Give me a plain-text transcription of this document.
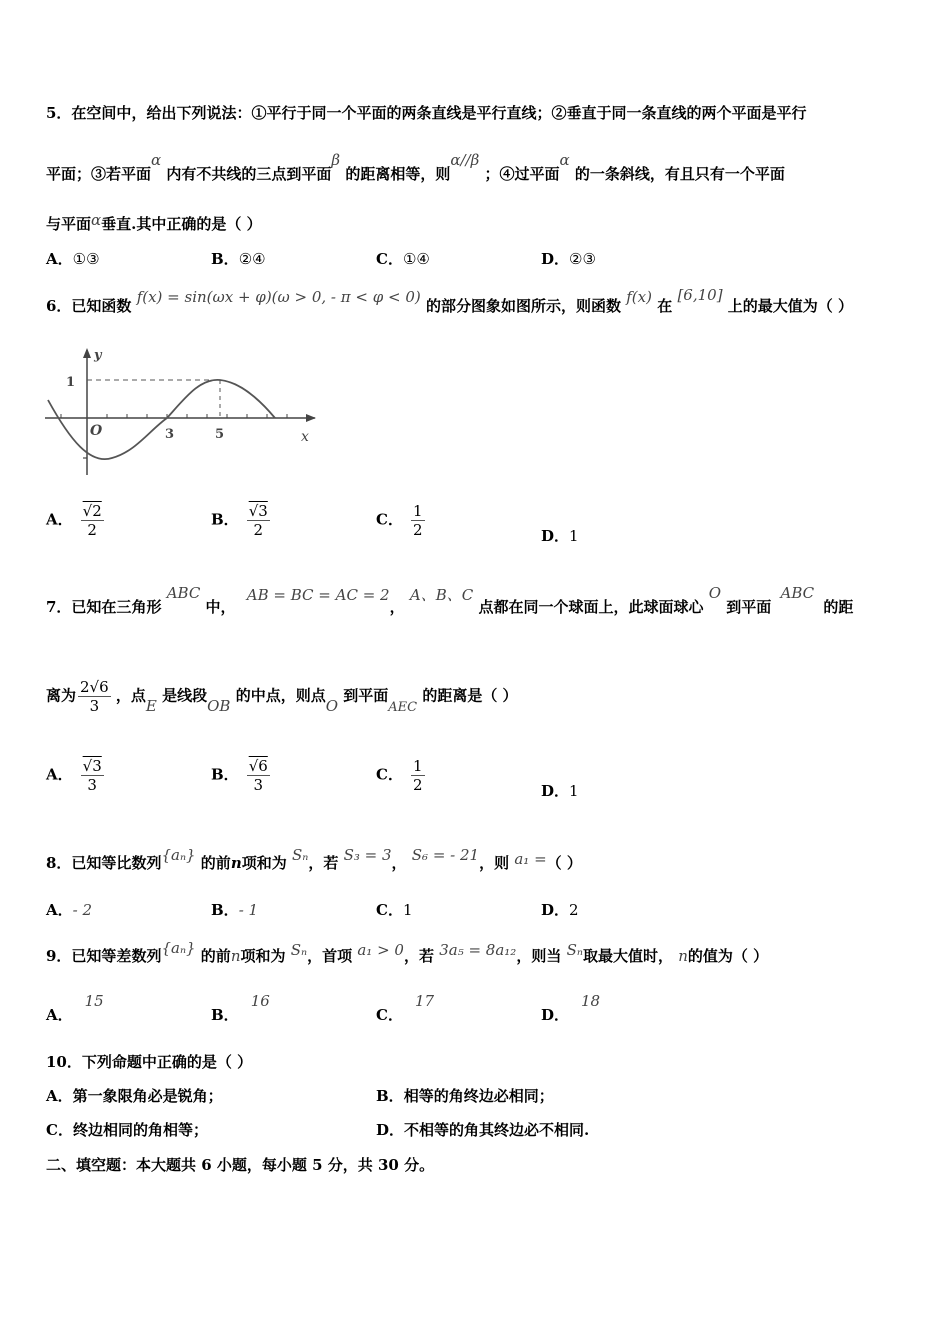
5．在空间中，给出下列说法：①平行于同一个平面的两条直线是平行直线；②垂直于同一条直线的两个平面是平行
平面；③若平面α 内有不共线的三点到平面β 的距离相等，则α//β ；④过平面α 的一条斜线，有且只有一个平面
与平面α垂直.其中正确的是（ ）
A．①③	B．②④	C．①④	D．②③
6．已知函数 f(x) = sin(ωx + φ)(ω > 0, - π < φ < 0) 的部分图象如图所示，则函数 f(x) 在 [6,10] 上的最大值为（ ）
y
x
O
1
3	5
A． $\frac{√2}{2}$	B． $\frac{√3}{2}$	C． $\frac{1}{2}$	D．1
7．已知在三角形 ABC 中， AB = BC = AC = 2， A、B、C 点都在同一个球面上，此球面球心 O 到平面 ABC 的距
离为 $\frac{2√6}{3}$ ，点E 是线段OB 的中点，则点O 到平面AEC 的距离是（ ）
A． $\frac{√3}{3}$	B． $\frac{√6}{3}$	C． $\frac{1}{2}$	D．1
8．已知等比数列{aₙ} 的前n项和为 Sₙ，若 S₃ = 3， S₆ = - 21，则 a₁ =（ ）
A．- 2	B．- 1	C．1	D．2
9．已知等差数列{aₙ} 的前n项和为 Sₙ，首项 a₁ > 0，若 3a₅ = 8a₁₂，则当 Sₙ取最大值时， n的值为（ ）
A．15
B．16
C．17
D．18
10．下列命题中正确的是（ ）
A．第一象限角必是锐角；	B．相等的角终边必相同；
C．终边相同的角相等；	D．不相等的角其终边必不相同.
二、填空题：本大题共 6 小题，每小题 5 分，共 30 分。
